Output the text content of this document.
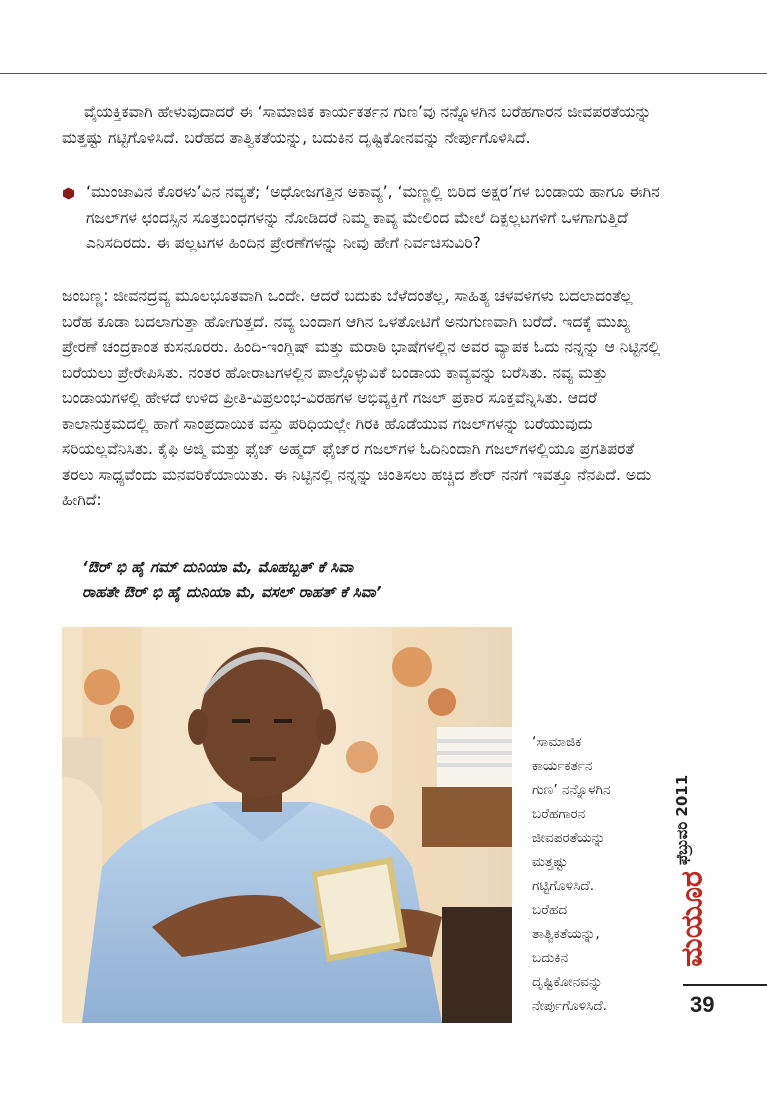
ವೈಯಕ್ತಿಕವಾಗಿ ಹೇಳುವುದಾದರೆ ಈ ‘ಸಾಮಾಜಿಕ ಕಾರ್ಯಕರ್ತನ ಗುಣ’ವು ನನ್ನೊಳಗಿನ ಬರೆಹಗಾರನ ಜೀವಪರತೆಯನ್ನು ಮತ್ತಷ್ಟು ಗಟ್ಟಿಗೊಳಿಸಿದೆ. ಬರೆಹದ ತಾತ್ವಿಕತೆಯನ್ನು, ಬದುಕಿನ ದೃಷ್ಟಿಕೋನವನ್ನು ನೇರ್ಪುಗೊಳಿಸಿದೆ.

‘ಮುಂಜಾವಿನ ಕೊರಳು’ವಿನ ನವ್ಯತೆ; ‘ಅಧೋಜಗತ್ತಿನ ಅಕಾವ್ಯ’, ‘ಮಣ್ಣಲ್ಲಿ ಬಿರಿದ ಅಕ್ಷರ’ಗಳ ಬಂಡಾಯ ಹಾಗೂ ಈಗಿನ ಗಜಲ್‌ಗಳ ಛಂದಸ್ಸಿನ ಸೂತ್ರಬಂಧಗಳನ್ನು ನೋಡಿದರೆ ನಿಮ್ಮ ಕಾವ್ಯ ಮೇಲಿಂದ ಮೇಲೆ ದಿಕ್ಪಲ್ಲಟಗಳಿಗೆ ಒಳಗಾಗುತ್ತಿದೆ ಎನಿಸದಿರದು. ಈ ಪಲ್ಲಟಗಳ ಹಿಂದಿನ ಪ್ರೇರಣೆಗಳನ್ನು ನೀವು ಹೇಗೆ ನಿರ್ವಚಿಸುವಿರಿ?

ಜಂಬಣ್ಣ: ಜೀವನದ್ರವ್ಯ ಮೂಲಭೂತವಾಗಿ ಒಂದೇ. ಆದರೆ ಬದುಕು ಬೆಳೆದಂತೆಲ್ಲ, ಸಾಹಿತ್ಯ ಚಳವಳಿಗಳು ಬದಲಾದಂತೆಲ್ಲ ಬರೆಹ ಕೂಡಾ ಬದಲಾಗುತ್ತಾ ಹೋಗುತ್ತದೆ. ನವ್ಯ ಬಂದಾಗ ಆಗಿನ ಒಳತೋಟಿಗೆ ಅನುಗುಣವಾಗಿ ಬರೆದೆ. ಇದಕ್ಕೆ ಮುಖ್ಯ ಪ್ರೇರಣೆ ಚಂದ್ರಕಾಂತ ಕುಸನೂರರು. ಹಿಂದಿ-ಇಂಗ್ಲಿಷ್ ಮತ್ತು ಮರಾಠಿ ಭಾಷೆಗಳಲ್ಲಿನ ಅವರ ವ್ಯಾಪಕ ಓದು ನನ್ನನ್ನು ಆ ನಿಟ್ಟಿನಲ್ಲಿ ಬರೆಯಲು ಪ್ರೇರೇಪಿಸಿತು. ನಂತರ ಹೋರಾಟಗಳಲ್ಲಿನ ಪಾಲ್ಗೊಳ್ಳುವಿಕೆ ಬಂಡಾಯ ಕಾವ್ಯವನ್ನು ಬರೆಸಿತು. ನವ್ಯ ಮತ್ತು ಬಂಡಾಯಗಳಲ್ಲಿ ಹೇಳದೆ ಉಳಿದ ಪ್ರೀತಿ-ವಿಪ್ರಲಂಭ-ವಿರಹಗಳ ಅಭಿವ್ಯಕ್ತಿಗೆ ಗಜಲ್ ಪ್ರಕಾರ ಸೂಕ್ತವೆನ್ನಿಸಿತು. ಆದರೆ ಕಾಲಾನುಕ್ರಮದಲ್ಲಿ ಹಾಗೆ ಸಾಂಪ್ರದಾಯಿಕ ವಸ್ತು ಪರಿಧಿಯಲ್ಲೇ ಗಿರಕಿ ಹೊಡೆಯುವ ಗಜಲ್‌ಗಳನ್ನು ಬರೆಯುವುದು ಸರಿಯಲ್ಲವೆನಿಸಿತು. ಕೈಫಿ ಅಜ್ಮಿ ಮತ್ತು ಫೈಜ್ ಅಹ್ಮದ್ ಫೈಜ್‌ರ ಗಜಲ್‌ಗಳ ಓದಿನಿಂದಾಗಿ ಗಜಲ್‌ಗಳಲ್ಲಿಯೂ ಪ್ರಗತಿಪರತೆ ತರಲು ಸಾಧ್ಯವೆಂದು ಮನವರಿಕೆಯಾಯಿತು. ಈ ನಿಟ್ಟಿನಲ್ಲಿ ನನ್ನನ್ನು ಚಿಂತಿಸಲು ಹಚ್ಚಿದ ಶೇರ್ ನನಗೆ ಇವತ್ತೂ ನೆನಪಿದೆ. ಅದು ಹೀಗಿದೆ:

‘ಔರ್ ಭಿ ಹೈ ಗಮ್ ದುನಿಯಾ ಮೆ, ಮೊಹಬ್ಬತ್ ಕೆ ಸಿವಾ
ರಾಹತೇ ಔರ್ ಭಿ ಹೈ ದುನಿಯಾ ಮೆ, ವಸಲ್‌ ರಾಹತ್ ಕೆ ಸಿವಾ’

‘ಸಾಮಾಜಿಕ

ಕಾರ್ಯಕರ್ತನ

ಗುಣ’ ನನ್ನೊಳಗಿನ

ಬರೆಹಗಾರನ

ಜೀವಪರತೆಯನ್ನು

ಮತ್ತಷ್ಟು

ಗಟ್ಟಿಗೊಳಿಸಿದೆ.

ಬರೆಹದ

ತಾತ್ವಿಕತೆಯನ್ನು,

ಬದುಕಿನ

ದೃಷ್ಟಿಕೋನವನ್ನು

ನೇರ್ಪುಗೊಳಿಸಿದೆ.

ಫೆಬ್ರುವರಿ 2011
ಮಯೂರ
39
